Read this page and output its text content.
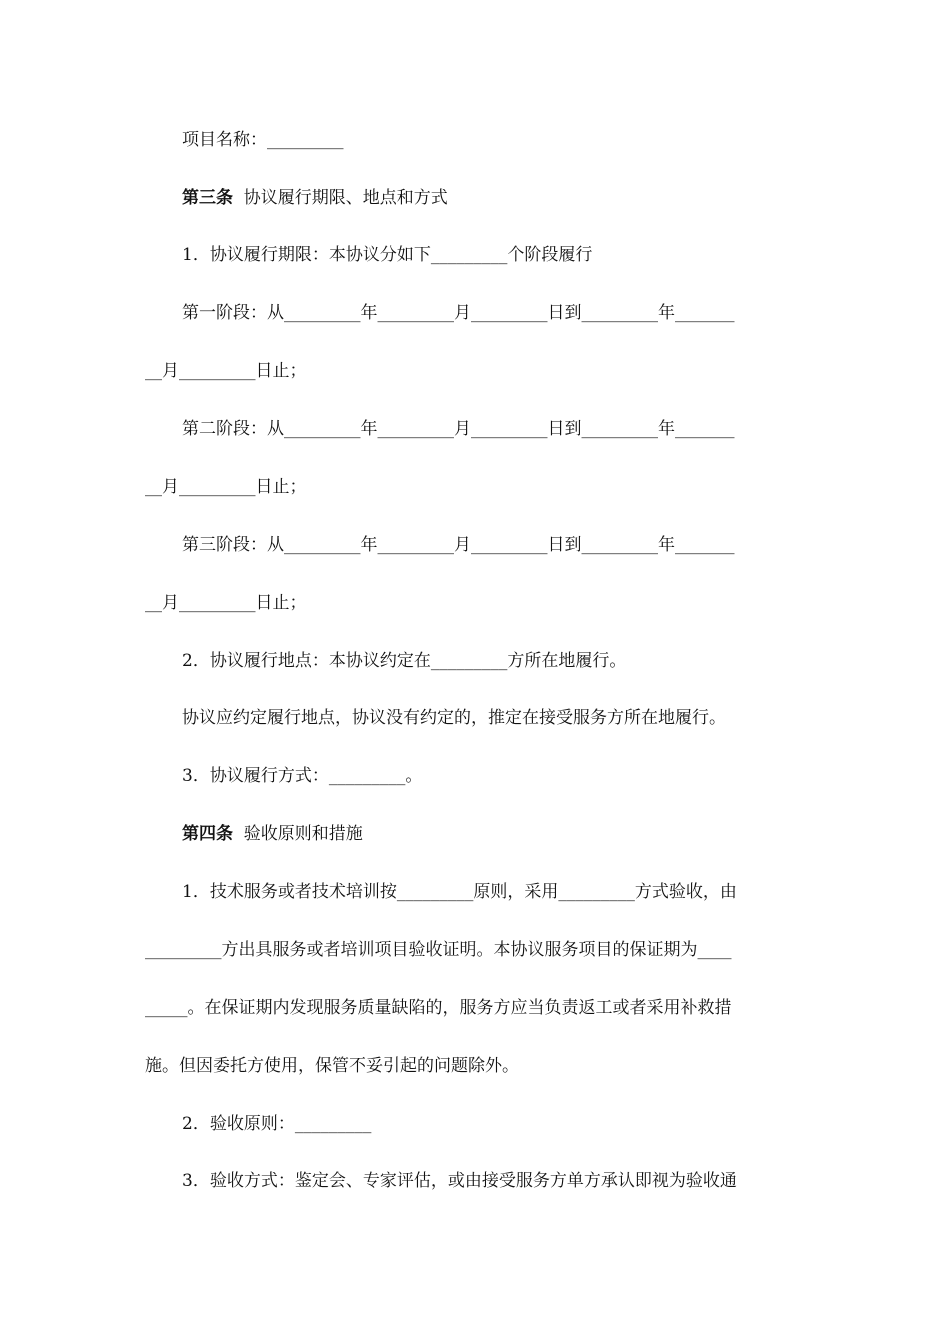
项目名称：_________
第三条  协议履行期限、地点和方式
1．协议履行期限：本协议分如下_________个阶段履行
第一阶段：从_________年_________月_________日到_________年_______
__月_________日止；
第二阶段：从_________年_________月_________日到_________年_______
__月_________日止；
第三阶段：从_________年_________月_________日到_________年_______
__月_________日止；
2．协议履行地点：本协议约定在_________方所在地履行。
协议应约定履行地点，协议没有约定的，推定在接受服务方所在地履行。
3．协议履行方式：_________。
第四条  验收原则和措施
1．技术服务或者技术培训按_________原则，采用_________方式验收，由
_________方出具服务或者培训项目验收证明。本协议服务项目的保证期为____
_____。在保证期内发现服务质量缺陷的，服务方应当负责返工或者采用补救措
施。但因委托方使用，保管不妥引起的问题除外。
2．验收原则：_________
3．验收方式：鉴定会、专家评估，或由接受服务方单方承认即视为验收通
